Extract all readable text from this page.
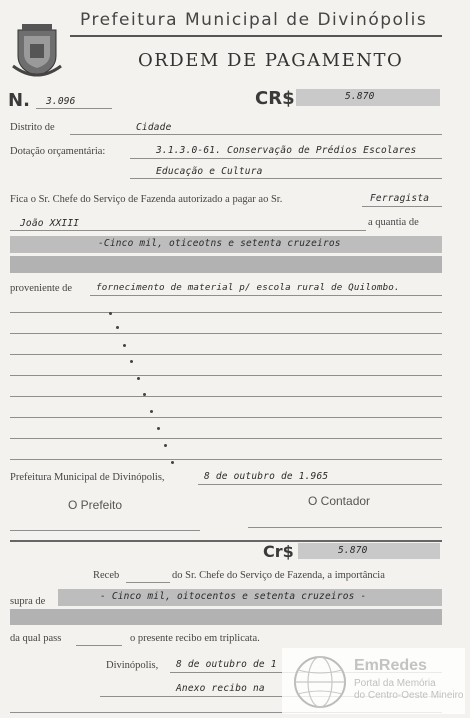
Prefeitura Municipal de Divinópolis
ORDEM DE PAGAMENTO
N. 3.096	CR$	5.870
Distrito de	Cidade
Dotação orçamentária:	3.1.3.0-61. Conservação de Prédios Escolares
Educação e Cultura
Fica o Sr. Chefe do Serviço de Fazenda autorizado a pagar ao Sr.	Ferragista
João XXIII	a quantia de
-Cinco mil, oticeotns e setenta cruzeiros
proveniente de	fornecimento de material p/ escola rural de Quilombo.
Prefeitura Municipal de Divinópolis,	8 de outubro de 1.965
O Prefeito	O Contador
Cr$	5.870
Receb	do Sr. Chefe do Serviço de Fazenda, a importância
supra de	- Cinco mil, oitocentos e setenta cruzeiros -
da qual pass	o presente recibo em triplicata.
Divinópolis, 8 de outubro de 1
Anexo recibo na
EmRedes
Portal da Memória
do Centro-Oeste Mineiro
